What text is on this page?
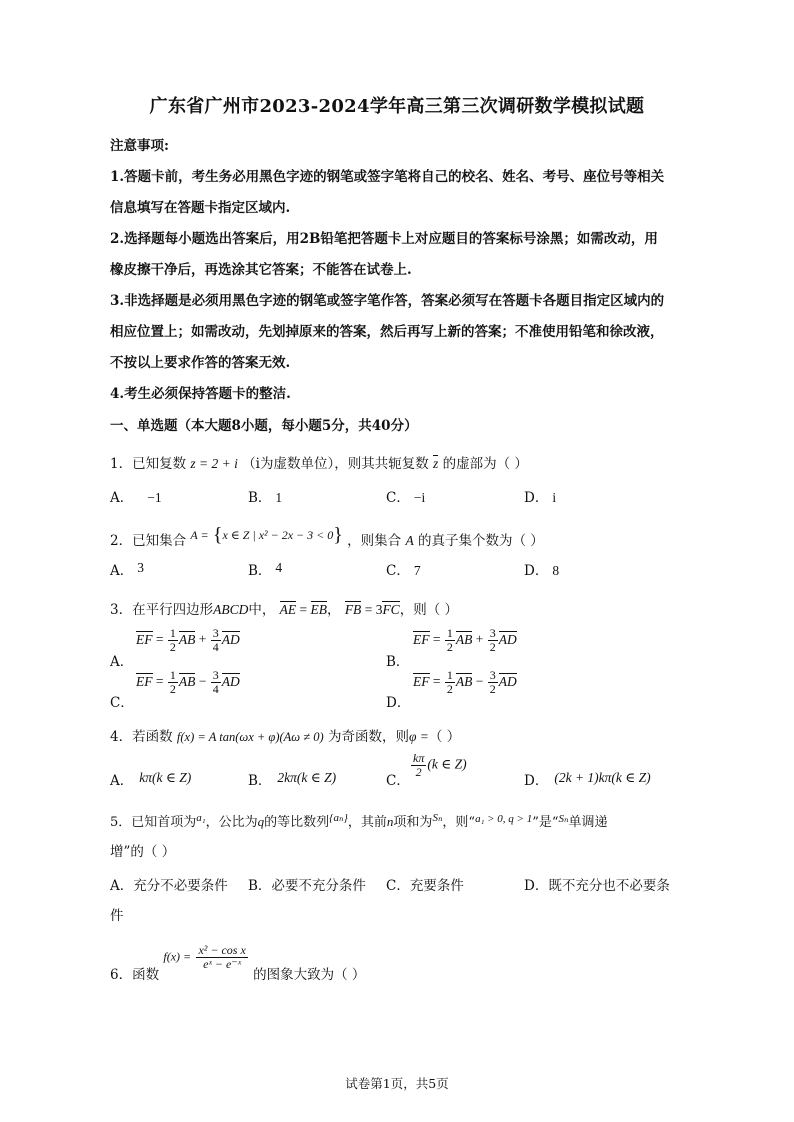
广东省广州市2023-2024学年高三第三次调研数学模拟试题
注意事项:
1.答题卡前，考生务必用黑色字迹的钢笔或签字笔将自己的校名、姓名、考号、座位号等相关
信息填写在答题卡指定区域内.
2.选择题每小题选出答案后，用2B铅笔把答题卡上对应题目的答案标号涂黑；如需改动，用
橡皮擦干净后，再选涂其它答案；不能答在试卷上.
3.非选择题是必须用黑色字迹的钢笔或签字笔作答，答案必须写在答题卡各题目指定区域内的
相应位置上；如需改动，先划掉原来的答案，然后再写上新的答案；不准使用铅笔和徐改液，
不按以上要求作答的答案无效.
4.考生必须保持答题卡的整洁.
一、单选题（本大题8小题，每小题5分，共40分）
1．已知复数 z = 2 + i （i为虚数单位），则其共轭复数 z 的虚部为（ ）
A． −1	B． 1	C． −i	D． i
2．已知集合 A = {x ∈ Z | x² − 2x − 3 < 0} ，则集合 A 的真子集个数为（ ）
A． 3	B． 4	C． 7	D． 8
3．在平行四边形ABCD中， AE = EB， FB = 3FC，则（ ）
A．
EF = $\frac{1}{2}$ AB + $\frac{3}{4}$ AD
B．
EF = $\frac{1}{2}$ AB + $\frac{3}{2}$ AD
C．
EF = $\frac{1}{2}$ AB − $\frac{3}{4}$ AD
D．
EF = $\frac{1}{2}$ AB − $\frac{3}{2}$ AD
4．若函数 f(x) = A tan(ωx + φ)(Aω ≠ 0) 为奇函数，则φ =（ ）
A． kπ(k ∈ Z)	B． 2kπ(k ∈ Z)	C．
$\frac{k\pi}{2} (k$ ∈ Z)
D． (2k + 1)kπ(k ∈ Z)
5．已知首项为$^{a_1}$，公比为q的等比数列$^{\{a_n\}}$，其前n项和为$^{S_n}$，则“$^{a_1 > 0, q > 1}$”是“$^{S_n}$单调递
增”的（ ）
A．充分不必要条件 B．必要不充分条件 C．充要条件	D．既不充分也不必要条
件
6．函数 $f(x) = \frac{\text{x² − cos x}}{\text{eˣ − e⁻ˣ}}$
的图象大致为（ ）
试卷第1页，共5页
